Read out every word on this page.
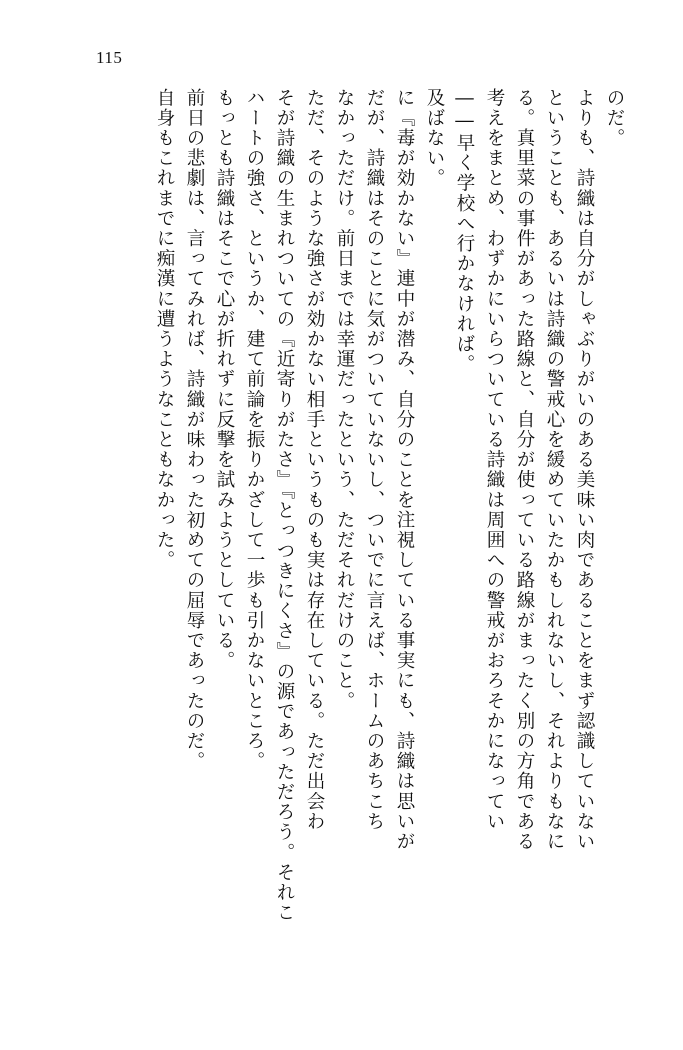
115
自身もこれまでに痴漢に遭うようなこともなかった。 前日の悲劇は、言ってみれば、詩織が味わった初めての屈辱であったのだ。 もっとも詩織はそこで心が折れずに反撃を試みようとしている。 ハートの強さ、というか、建て前論を振りかざして一歩も引かないところ。 そが詩織の生まれついての『近寄りがたさ』『とっつきにくさ』の源であっただろう。それこ ただ、そのような強さが効かない相手というものも実は存在している。ただ出会わ なかっただけ。前日までは幸運だったという、ただそれだけのこと。 だが、詩織はそのことに気がついていないし、ついでに言えば、ホームのあちこち に『毒が効かない』連中が潜み、自分のことを注視している事実にも、詩織は思いが 及ばない。 ――早く学校へ行かなければ。 考えをまとめ、わずかにいらついている詩織は周囲への警戒がおろそかになってい る。真里菜の事件があった路線と、自分が使っている路線がまったく別の方角である ということも、あるいは詩織の警戒心を緩めていたかもしれないし、それよりもなに よりも、詩織は自分がしゃぶりがいのある美味い肉であることをまず認識していない のだ。
